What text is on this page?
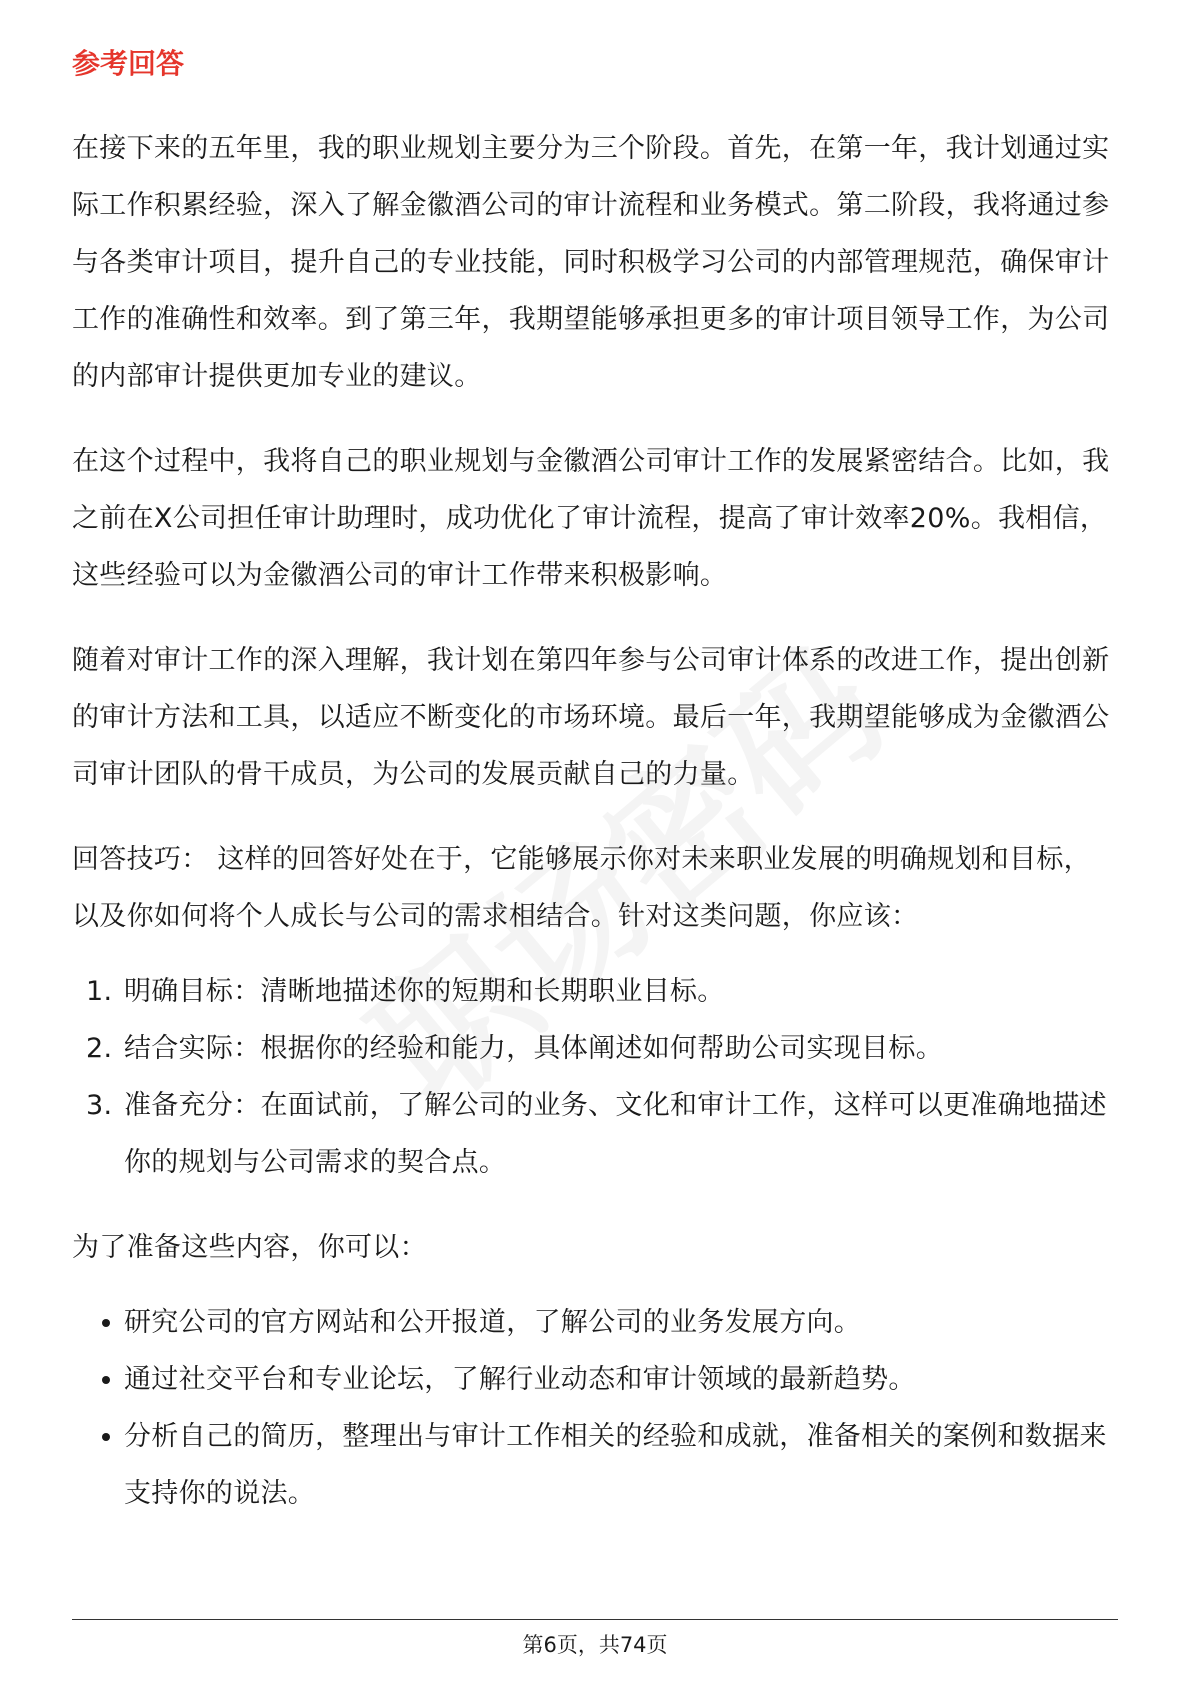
参考回答

在接下来的五年里，我的职业规划主要分为三个阶段。首先，在第一年，我计划通过实际工作积累经验，深入了解金徽酒公司的审计流程和业务模式。第二阶段，我将通过参与各类审计项目，提升自己的专业技能，同时积极学习公司的内部管理规范，确保审计工作的准确性和效率。到了第三年，我期望能够承担更多的审计项目领导工作，为公司的内部审计提供更加专业的建议。

在这个过程中，我将自己的职业规划与金徽酒公司审计工作的发展紧密结合。比如，我之前在X公司担任审计助理时，成功优化了审计流程，提高了审计效率20%。我相信，这些经验可以为金徽酒公司的审计工作带来积极影响。

随着对审计工作的深入理解，我计划在第四年参与公司审计体系的改进工作，提出创新的审计方法和工具，以适应不断变化的市场环境。最后一年，我期望能够成为金徽酒公司审计团队的骨干成员，为公司的发展贡献自己的力量。

回答技巧： 这样的回答好处在于，它能够展示你对未来职业发展的明确规划和目标，以及你如何将个人成长与公司的需求相结合。针对这类问题，你应该：

1. 明确目标：清晰地描述你的短期和长期职业目标。
2. 结合实际：根据你的经验和能力，具体阐述如何帮助公司实现目标。
3. 准备充分：在面试前，了解公司的业务、文化和审计工作，这样可以更准确地描述你的规划与公司需求的契合点。

为了准备这些内容，你可以：

研究公司的官方网站和公开报道，了解公司的业务发展方向。
通过社交平台和专业论坛，了解行业动态和审计领域的最新趋势。
分析自己的简历，整理出与审计工作相关的经验和成就，准备相关的案例和数据来支持你的说法。
第6页，共74页
